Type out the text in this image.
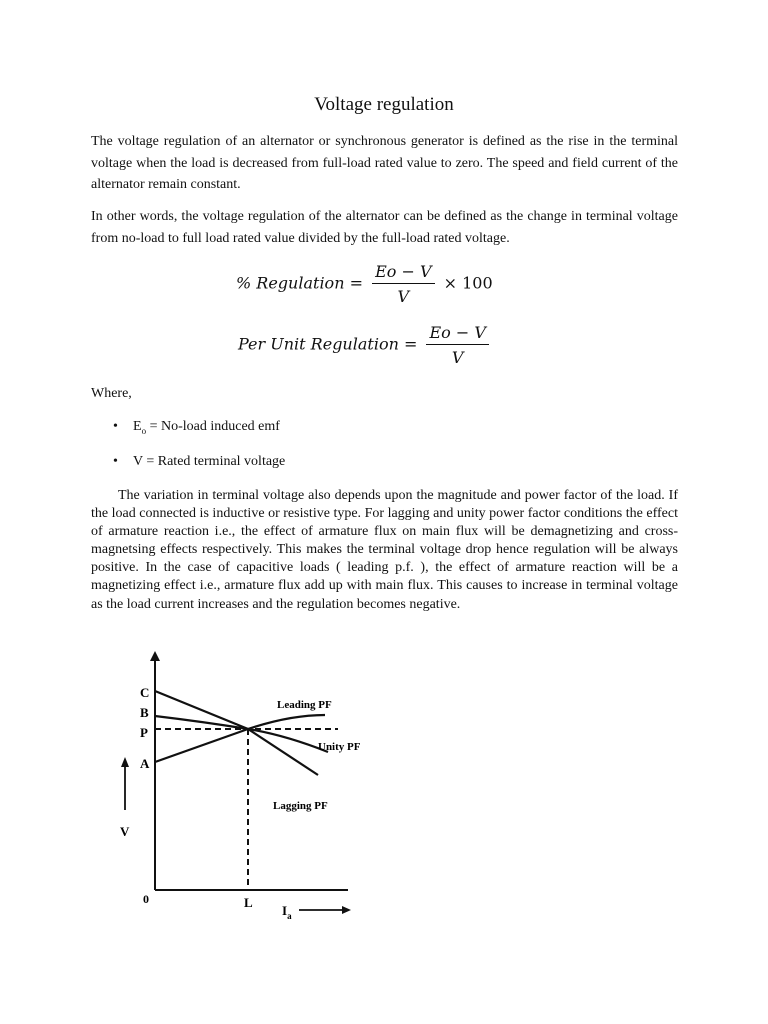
Voltage regulation

The voltage regulation of an alternator or synchronous generator is defined as the rise in the terminal voltage when the load is decreased from full-load rated value to zero. The speed and field current of the alternator remain constant.

In other words, the voltage regulation of the alternator can be defined as the change in terminal voltage from no-load to full load rated value divided by the full-load rated voltage.

% Regulation = $\frac{Eo - V}{V} \times 100$
Per Unit Regulation = $\frac{Eo - V}{V}$
Where,
• $E_o$ = No-load induced emf
• V = Rated terminal voltage

The variation in terminal voltage also depends upon the magnitude and power factor of the load. If the load connected is inductive or resistive type. For lagging and unity power factor conditions the effect of armature reaction i.e., the effect of armature flux on main flux will be demagnetizing and cross-magnetsing effects respectively. This makes the terminal voltage drop hence regulation will be always positive. In the case of capacitive loads ( leading p.f. ), the effect of armature reaction will be a magnetizing effect i.e., armature flux add up with main flux. This causes to increase in terminal voltage as the load current increases and the regulation becomes negative.

C
B
P
A
V
0	L
$I_a$
Leading PF
Unity PF
Lagging PF
